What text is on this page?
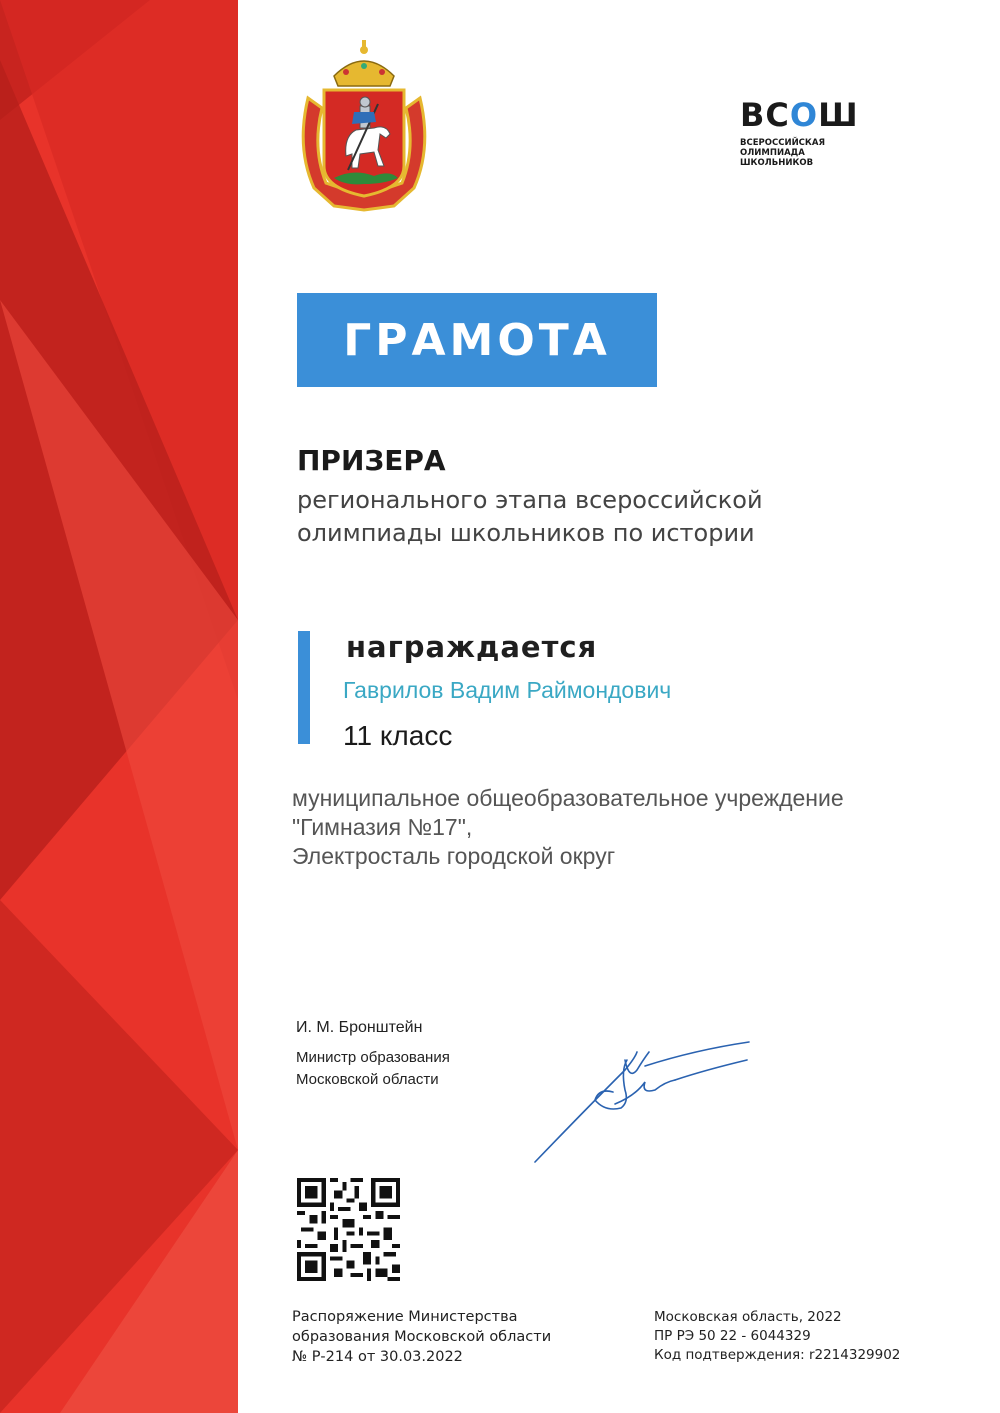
ВСОШ
ВСЕРОССИЙСКАЯ
ОЛИМПИАДА
ШКОЛЬНИКОВ
ГРАМОТА
ПРИЗЕРА
регионального этапа всероссийской
олимпиады школьников по истории
награждается
Гаврилов Вадим Раймондович
11 класс
муниципальное общеобразовательное учреждение
"Гимназия №17",
Электросталь городской округ
И. М. Бронштейн
Министр образования
Московской области
Распоряжение Министерства
образования Московской области
№ Р-214 от 30.03.2022
Московская область, 2022
ПР РЭ 50 22 - 6044329
Код подтверждения: r2214329902
